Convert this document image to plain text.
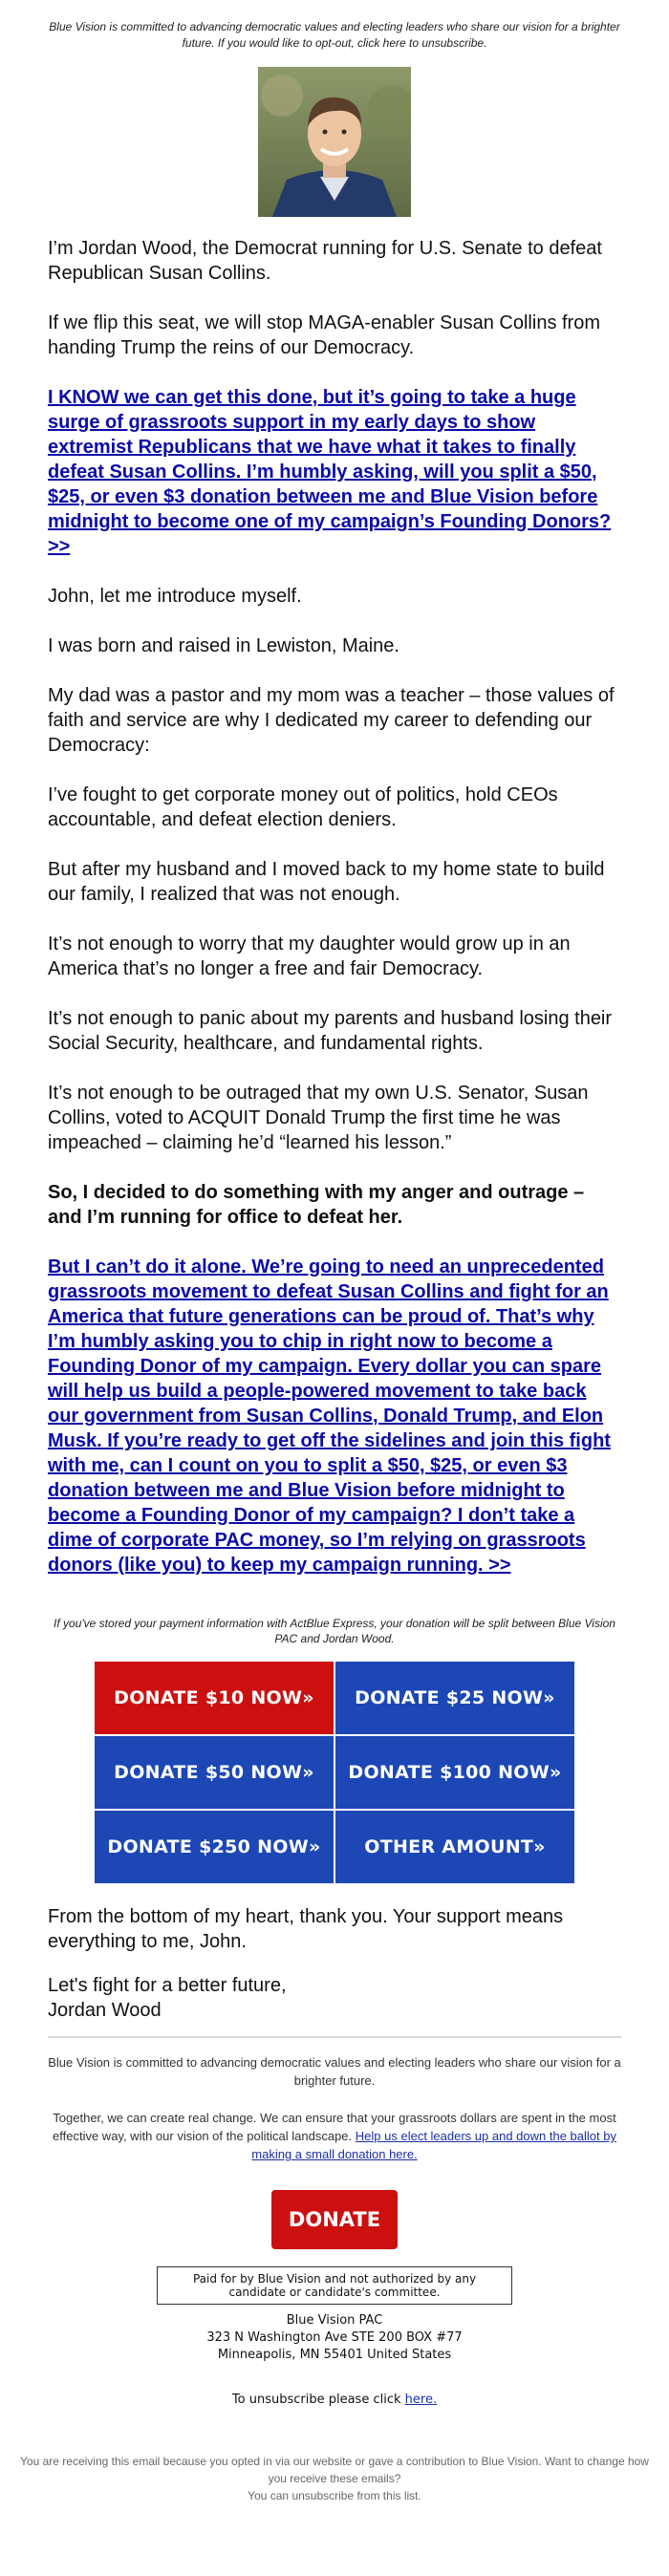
Blue Vision is committed to advancing democratic values and electing leaders who share our vision for a brighter future. If you would like to opt-out, click here to unsubscribe.

I’m Jordan Wood, the Democrat running for U.S. Senate to defeat Republican Susan Collins.

If we flip this seat, we will stop MAGA-enabler Susan Collins from handing Trump the reins of our Democracy.

I KNOW we can get this done, but it’s going to take a huge surge of grassroots support in my early days to show extremist Republicans that we have what it takes to finally defeat Susan Collins. I’m humbly asking, will you split a $50, $25, or even $3 donation between me and Blue Vision before midnight to become one of my campaign’s Founding Donors? >>

John, let me introduce myself.

I was born and raised in Lewiston, Maine.

My dad was a pastor and my mom was a teacher – those values of faith and service are why I dedicated my career to defending our Democracy:

I’ve fought to get corporate money out of politics, hold CEOs accountable, and defeat election deniers.

But after my husband and I moved back to my home state to build our family, I realized that was not enough.

It’s not enough to worry that my daughter would grow up in an America that’s no longer a free and fair Democracy.

It’s not enough to panic about my parents and husband losing their Social Security, healthcare, and fundamental rights.

It’s not enough to be outraged that my own U.S. Senator, Susan Collins, voted to ACQUIT Donald Trump the first time he was impeached – claiming he’d “learned his lesson.”

So, I decided to do something with my anger and outrage – and I’m running for office to defeat her.

But I can’t do it alone. We’re going to need an unprecedented grassroots movement to defeat Susan Collins and fight for an America that future generations can be proud of. That’s why I’m humbly asking you to chip in right now to become a Founding Donor of my campaign. Every dollar you can spare will help us build a people-powered movement to take back our government from Susan Collins, Donald Trump, and Elon Musk. If you’re ready to get off the sidelines and join this fight with me, can I count on you to split a $50, $25, or even $3 donation between me and Blue Vision before midnight to become a Founding Donor of my campaign? I don’t take a dime of corporate PAC money, so I’m relying on grassroots donors (like you) to keep my campaign running. >>

If you've stored your payment information with ActBlue Express, your donation will be split between Blue Vision PAC and Jordan Wood.
DONATE $10 NOW»	DONATE $25 NOW»
DONATE $50 NOW»	DONATE $100 NOW»
DONATE $250 NOW»	OTHER AMOUNT»

From the bottom of my heart, thank you. Your support means everything to me, John.

Let's fight for a better future,
Jordan Wood

Blue Vision is committed to advancing democratic values and electing leaders who share our vision for a brighter future.
Together, we can create real change. We can ensure that your grassroots dollars are spent in the most effective way, with our vision of the political landscape. Help us elect leaders up and down the ballot by making a small donation here.
DONATE
Paid for by Blue Vision and not authorized by any candidate or candidate's committee.
Blue Vision PAC
323 N Washington Ave STE 200 BOX #77
Minneapolis, MN 55401 United States
To unsubscribe please click here.
You are receiving this email because you opted in via our website or gave a contribution to Blue Vision. Want to change how you receive these emails?
You can unsubscribe from this list.
